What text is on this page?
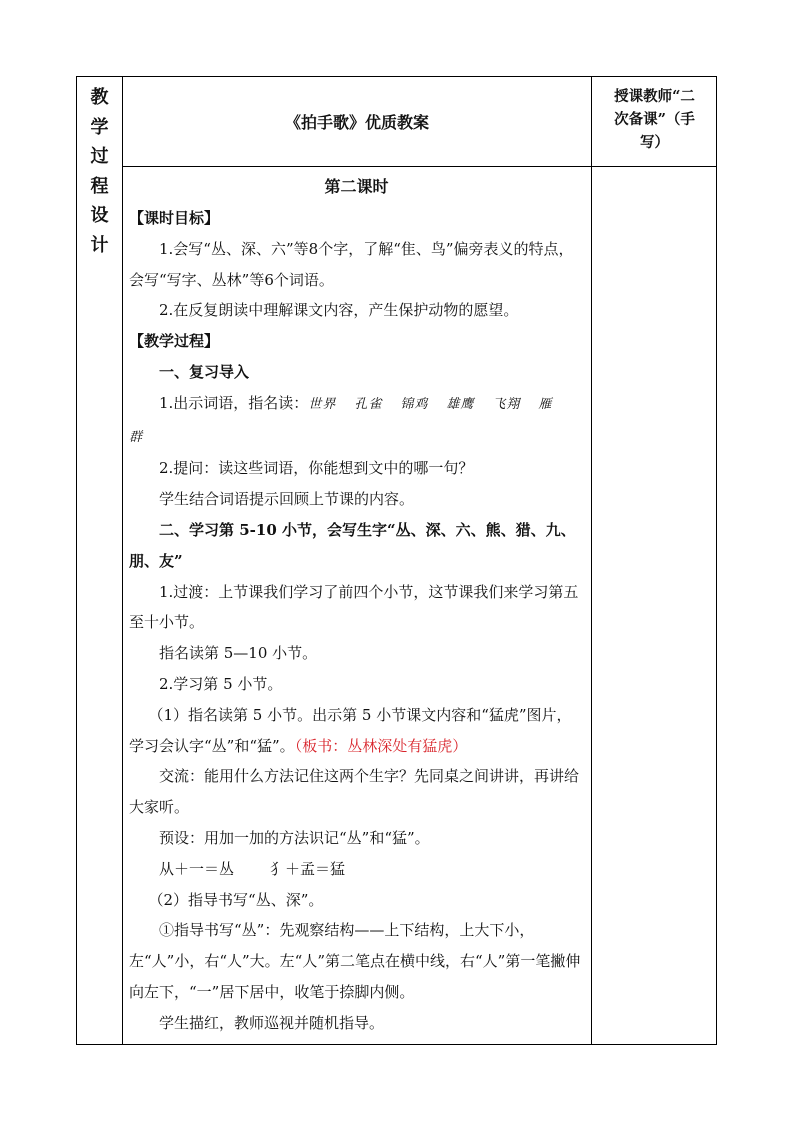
教
学
过
程
设
计
《拍手歌》优质教案
授课教师“二
次备课”（手
写）
第二课时

【课时目标】

1.会写“丛、深、六”等8个字，了解“隹、鸟”偏旁表义的特点，会写“写字、丛林”等6个词语。

2.在反复朗读中理解课文内容，产生保护动物的愿望。

【教学过程】

一、复习导入

1.出示词语，指名读：世界 孔雀 锦鸡 雄鹰 飞翔 雁群

2.提问：读这些词语，你能想到文中的哪一句？

学生结合词语提示回顾上节课的内容。

二、学习第 5-10 小节，会写生字“丛、深、六、熊、猎、九、朋、友”

1.过渡：上节课我们学习了前四个小节，这节课我们来学习第五至十小节。

指名读第 5—10 小节。

2.学习第 5 小节。

（1）指名读第 5 小节。出示第 5 小节课文内容和“猛虎”图片，学习会认字“丛”和“猛”。（板书：丛林深处有猛虎）

交流：能用什么方法记住这两个生字？先同桌之间讲讲，再讲给大家听。

预设：用加一加的方法识记“丛”和“猛”。

从＋一＝丛 犭＋孟＝猛

（2）指导书写“丛、深”。

①指导书写“丛”：先观察结构——上下结构，上大下小，左“人”小，右“人”大。左“人”第二笔点在横中线，右“人”第一笔撇伸向左下，“一”居下居中，收笔于捺脚内侧。

学生描红，教师巡视并随机指导。
